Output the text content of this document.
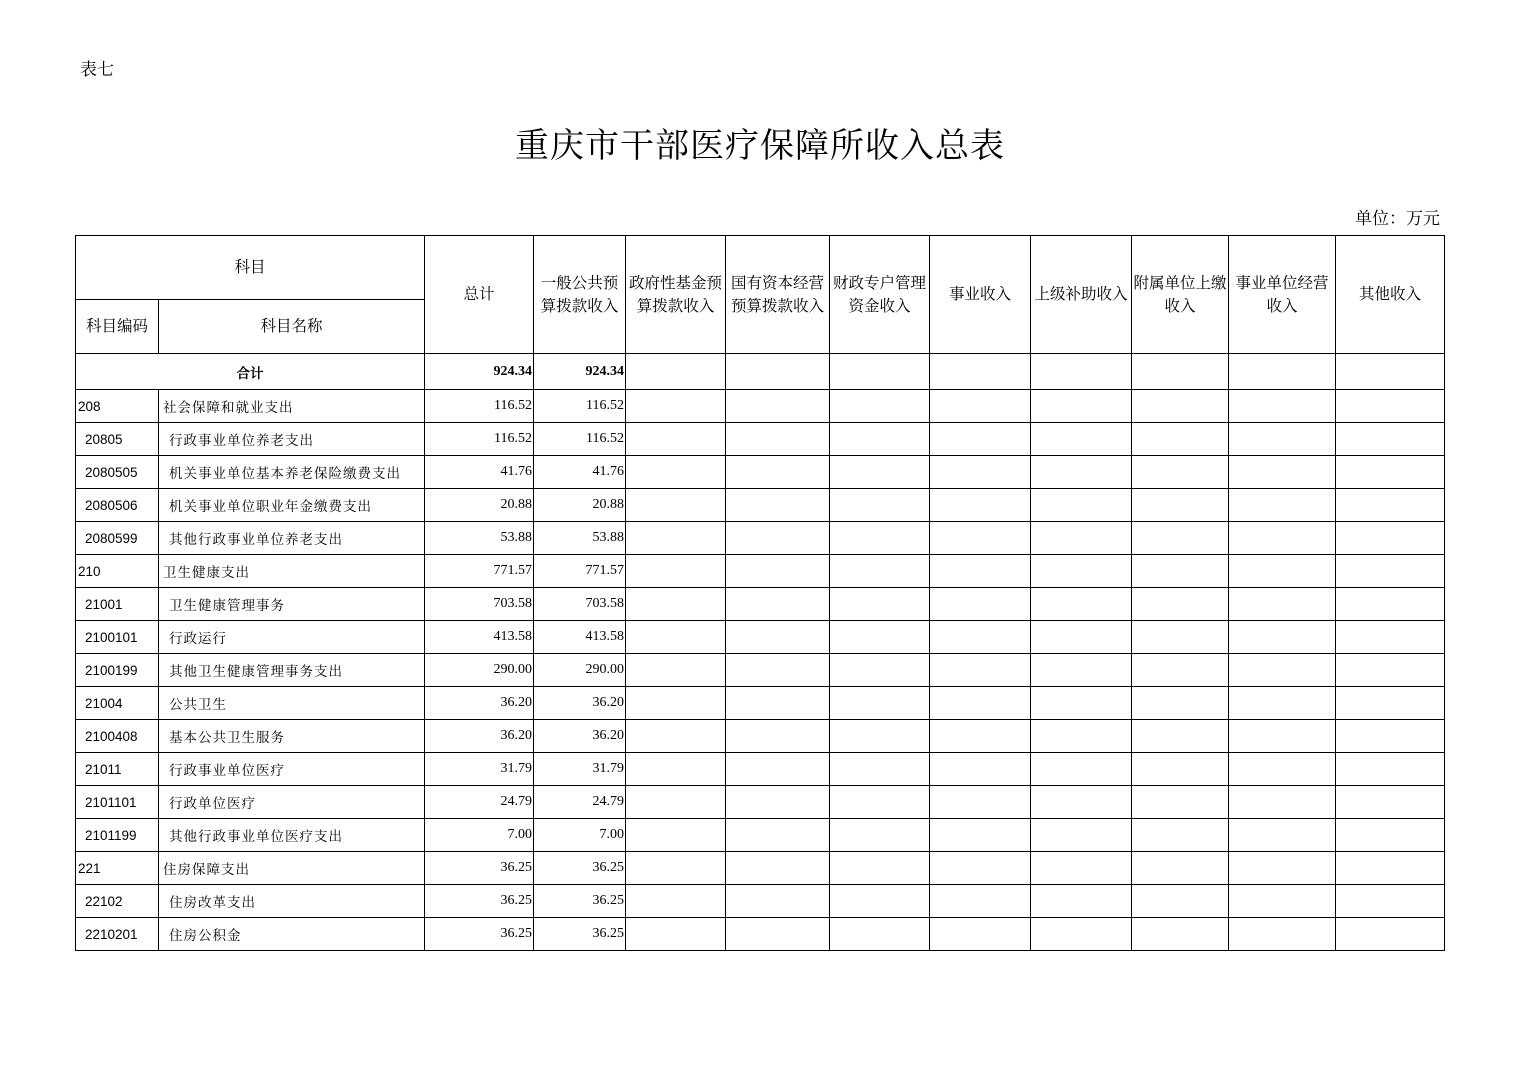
表七
重庆市干部医疗保障所收入总表
单位：万元
科目		总计	一般公共预算拨款收入	政府性基金预算拨款收入	国有资本经营预算拨款收入	财政专户管理资金收入	事业收入	上级补助收入	附属单位上缴收入	事业单位经营收入	其他收入
科目编码	科目名称										
合计		924.34	924.34								
208	社会保障和就业支出	116.52	116.52								
20805	行政事业单位养老支出	116.52	116.52								
2080505	机关事业单位基本养老保险缴费支出	41.76	41.76								
2080506	机关事业单位职业年金缴费支出	20.88	20.88								
2080599	其他行政事业单位养老支出	53.88	53.88								
210	卫生健康支出	771.57	771.57								
21001	卫生健康管理事务	703.58	703.58								
2100101	行政运行	413.58	413.58								
2100199	其他卫生健康管理事务支出	290.00	290.00								
21004	公共卫生	36.20	36.20								
2100408	基本公共卫生服务	36.20	36.20								
21011	行政事业单位医疗	31.79	31.79								
2101101	行政单位医疗	24.79	24.79								
2101199	其他行政事业单位医疗支出	7.00	7.00								
221	住房保障支出	36.25	36.25								
22102	住房改革支出	36.25	36.25								
2210201	住房公积金	36.25	36.25								
